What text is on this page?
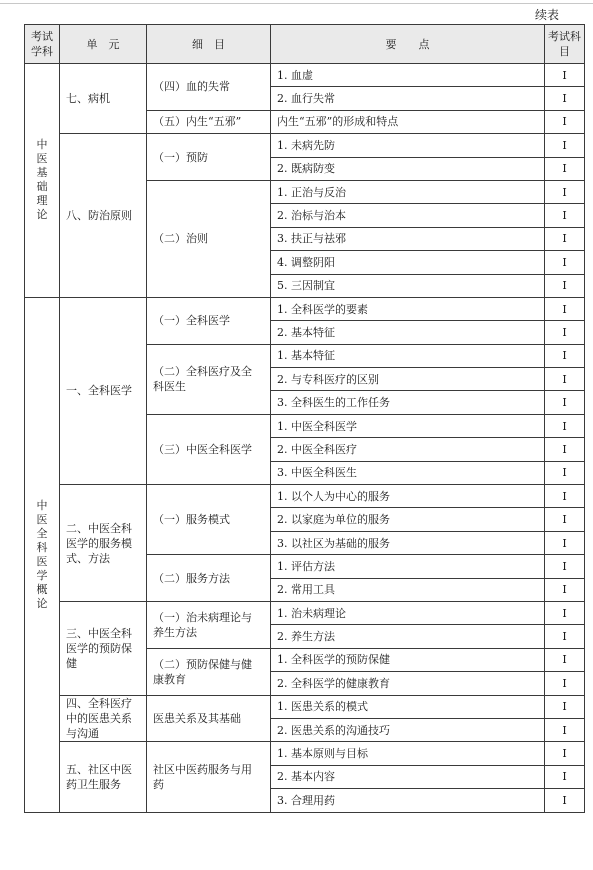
续表
考试学科	单　元	细　目	要　　点	考试科目

中医基础理论	七、病机	（四）血的失常	1. 血虚	I
			2. 血行失常	I
		（五）内生“五邪”	内生“五邪”的形成和特点	I
	八、防治原则	（一）预防	1. 未病先防	I
			2. 既病防变	I
		（二）治则	1. 正治与反治	I
			2. 治标与治本	I
			3. 扶正与祛邪	I
			4. 调整阴阳	I
			5. 三因制宜	I

中医全科医学概论	一、全科医学	（一）全科医学	1. 全科医学的要素	I
			2. 基本特征	I
		（二）全科医疗及全科医生	1. 基本特征	I
			2. 与专科医疗的区别	I
			3. 全科医生的工作任务	I
		（三）中医全科医学	1. 中医全科医学	I
			2. 中医全科医疗	I
			3. 中医全科医生	I
	二、中医全科医学的服务模式、方法	（一）服务模式	1. 以个人为中心的服务	I
			2. 以家庭为单位的服务	I
			3. 以社区为基础的服务	I
		（二）服务方法	1. 评估方法	I
			2. 常用工具	I
	三、中医全科医学的预防保健	（一）治未病理论与养生方法	1. 治未病理论	I
			2. 养生方法	I
		（二）预防保健与健康教育	1. 全科医学的预防保健	I
			2. 全科医学的健康教育	I
	四、全科医疗中的医患关系与沟通	医患关系及其基础	1. 医患关系的模式	I
			2. 医患关系的沟通技巧	I
	五、社区中医药卫生服务	社区中医药服务与用药	1. 基本原则与目标	I
			2. 基本内容	I
			3. 合理用药	I
